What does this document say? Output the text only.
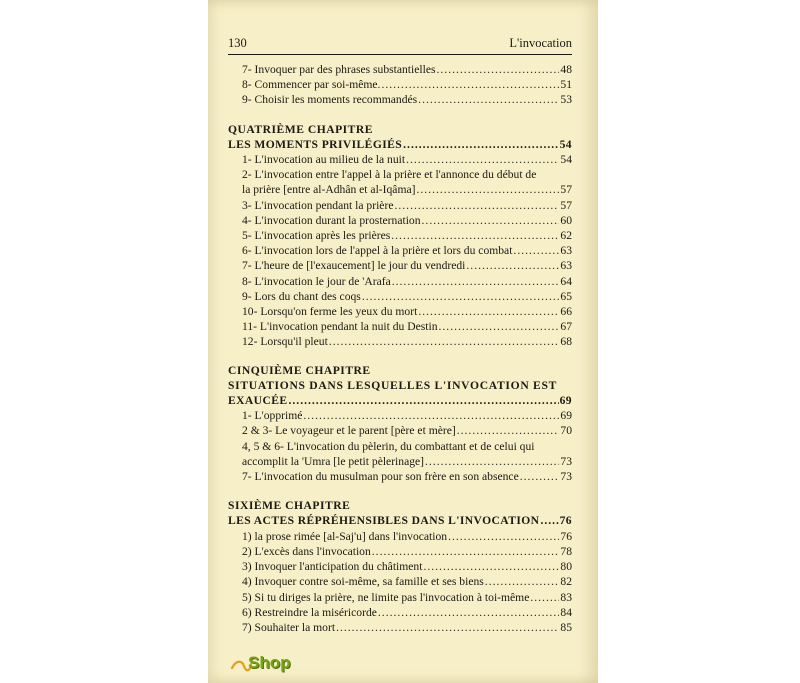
130	L'invocation
7- Invoquer par des phrases substantielles .....	48
8- Commencer par soi-même. .....	51
9- Choisir les moments recommandés .....	53
QUATRIÈME CHAPITRE
LES MOMENTS PRIVILÉGIÉS .....	54
1- L'invocation au milieu de la nuit .....	54
2- L'invocation entre l'appel à la prière et l'annonce du début de
la prière [entre al-Adhân et al-Iqâma] .....	57
3- L'invocation pendant la prière .....	57
4- L'invocation durant la prosternation .....	60
5- L'invocation après les prières .....	62
6- L'invocation lors de l'appel à la prière et lors du combat .....	63
7- L'heure de [l'exaucement] le jour du vendredi .....	63
8- L'invocation le jour de 'Arafa .....	64
9- Lors du chant des coqs .....	65
10- Lorsqu'on ferme les yeux du mort .....	66
11- L'invocation pendant la nuit du Destin .....	67
12- Lorsqu'il pleut .....	68
CINQUIÈME CHAPITRE
SITUATIONS DANS LESQUELLES L'INVOCATION EST
EXAUCÉE .....	69
1- L'opprimé .....	69
2 & 3- Le voyageur et le parent [père et mère] .....	70
4, 5 & 6- L'invocation du pèlerin, du combattant et de celui qui
accomplit la 'Umra [le petit pèlerinage] .....	73
7- L'invocation du musulman pour son frère en son absence .....	73
SIXIÈME CHAPITRE
LES ACTES RÉPRÉHENSIBLES DANS L'INVOCATION ..... 76
1) la prose rimée [al-Saj'u] dans l'invocation .....	76
2) L'excès dans l'invocation .....	78
3) Invoquer l'anticipation du châtiment .....	80
4) Invoquer contre soi-même, sa famille et ses biens .....	82
5) Si tu diriges la prière, ne limite pas l'invocation à toi-même .....	83
6) Restreindre la miséricorde .....	84
7) Souhaiter la mort .....	85
Shop
